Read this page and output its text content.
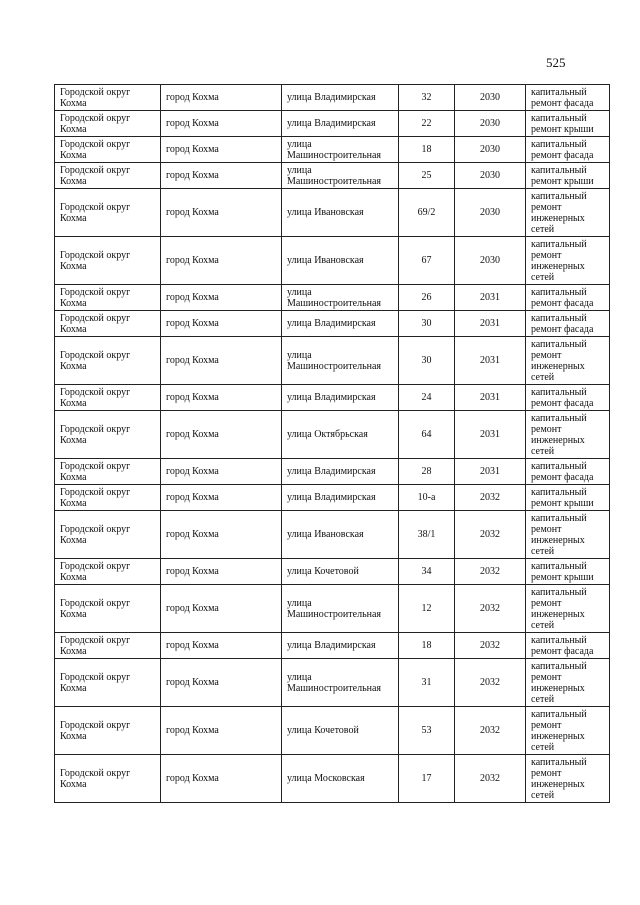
525
Городской округ Кохма	город Кохма	улица Владимирская	32	2030	капитальный ремонт фасада
Городской округ Кохма	город Кохма	улица Владимирская	22	2030	капитальный ремонт крыши
Городской округ Кохма	город Кохма	улица Машиностроительная	18	2030	капитальный ремонт фасада
Городской округ Кохма	город Кохма	улица Машиностроительная	25	2030	капитальный ремонт крыши
Городской округ Кохма	город Кохма	улица Ивановская	69/2	2030	капитальный ремонт инженерных сетей
Городской округ Кохма	город Кохма	улица Ивановская	67	2030	капитальный ремонт инженерных сетей
Городской округ Кохма	город Кохма	улица Машиностроительная	26	2031	капитальный ремонт фасада
Городской округ Кохма	город Кохма	улица Владимирская	30	2031	капитальный ремонт фасада
Городской округ Кохма	город Кохма	улица Машиностроительная	30	2031	капитальный ремонт инженерных сетей
Городской округ Кохма	город Кохма	улица Владимирская	24	2031	капитальный ремонт фасада
Городской округ Кохма	город Кохма	улица Октябрьская	64	2031	капитальный ремонт инженерных сетей
Городской округ Кохма	город Кохма	улица Владимирская	28	2031	капитальный ремонт фасада
Городской округ Кохма	город Кохма	улица Владимирская	10-а	2032	капитальный ремонт крыши
Городской округ Кохма	город Кохма	улица Ивановская	38/1	2032	капитальный ремонт инженерных сетей
Городской округ Кохма	город Кохма	улица Кочетовой	34	2032	капитальный ремонт крыши
Городской округ Кохма	город Кохма	улица Машиностроительная	12	2032	капитальный ремонт инженерных сетей
Городской округ Кохма	город Кохма	улица Владимирская	18	2032	капитальный ремонт фасада
Городской округ Кохма	город Кохма	улица Машиностроительная	31	2032	капитальный ремонт инженерных сетей
Городской округ Кохма	город Кохма	улица Кочетовой	53	2032	капитальный ремонт инженерных сетей
Городской округ Кохма	город Кохма	улица Московская	17	2032	капитальный ремонт инженерных сетей
